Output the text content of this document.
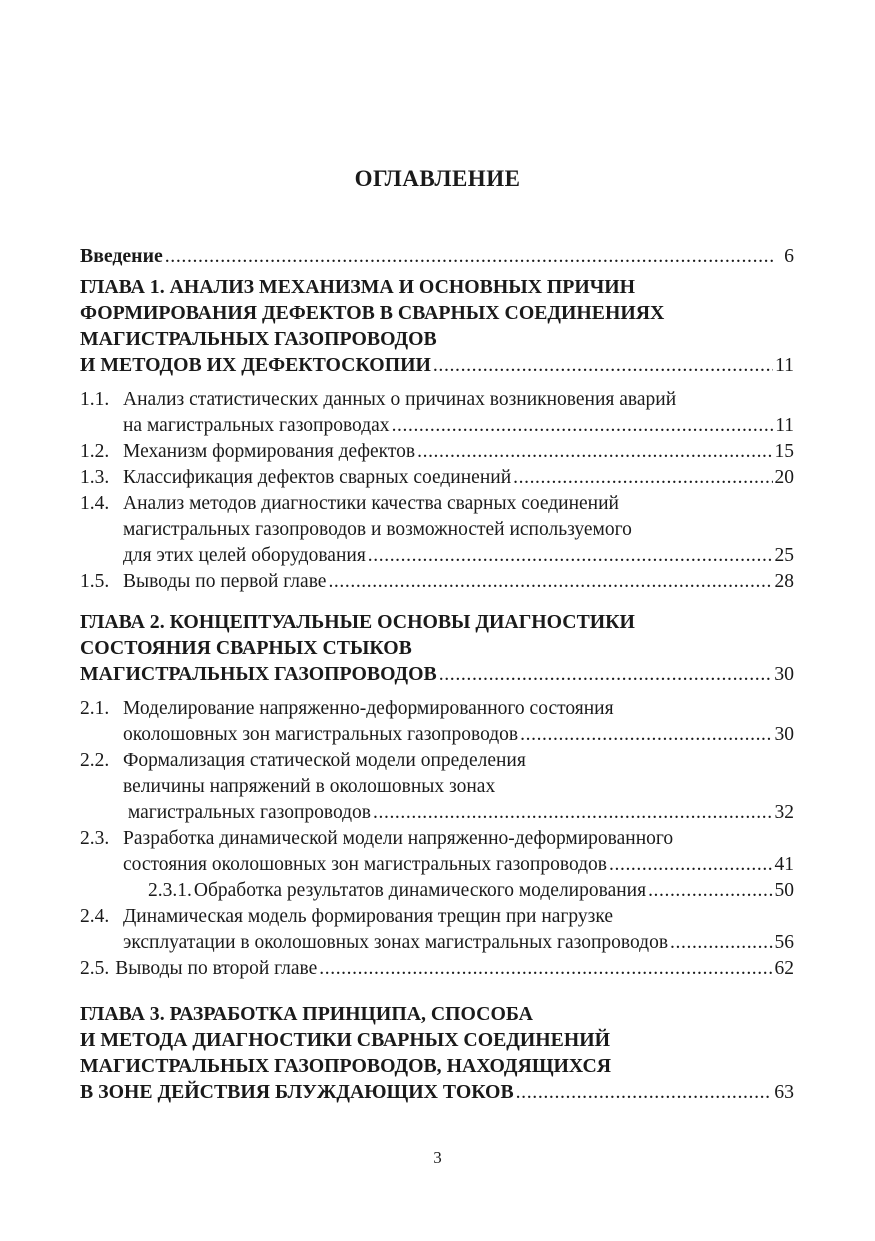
ОГЛАВЛЕНИЕ
Введение .....	6
ГЛАВА 1. АНАЛИЗ МЕХАНИЗМА И ОСНОВНЫХ ПРИЧИН
ФОРМИРОВАНИЯ ДЕФЕКТОВ В СВАРНЫХ СОЕДИНЕНИЯХ
МАГИСТРАЛЬНЫХ ГАЗОПРОВОДОВ
И МЕТОДОВ ИХ ДЕФЕКТОСКОПИИ .....	11
1.1. Анализ статистических данных о причинах возникновения аварий
на магистральных газопроводах .....	11
1.2. Механизм формирования дефектов .....	15
1.3. Классификация дефектов сварных соединений .....	20
1.4. Анализ методов диагностики качества сварных соединений
магистральных газопроводов и возможностей используемого
для этих целей оборудования .....	25
1.5. Выводы по первой главе .....	28
ГЛАВА 2. КОНЦЕПТУАЛЬНЫЕ ОСНОВЫ ДИАГНОСТИКИ
СОСТОЯНИЯ СВАРНЫХ СТЫКОВ
МАГИСТРАЛЬНЫХ ГАЗОПРОВОДОВ .....	30
2.1. Моделирование напряженно-деформированного состояния
околошовных зон магистральных газопроводов .....	30
2.2. Формализация статической модели определения
величины напряжений в околошовных зонах
магистральных газопроводов .....	32
2.3. Разработка динамической модели напряженно-деформированного
состояния околошовных зон магистральных газопроводов .....	41
2.3.1. Обработка результатов динамического моделирования .....	50
2.4. Динамическая модель формирования трещин при нагрузке
эксплуатации в околошовных зонах магистральных газопроводов .....	56
2.5. Выводы по второй главе .....	62
ГЛАВА 3. РАЗРАБОТКА ПРИНЦИПА, СПОСОБА
И МЕТОДА ДИАГНОСТИКИ СВАРНЫХ СОЕДИНЕНИЙ
МАГИСТРАЛЬНЫХ ГАЗОПРОВОДОВ, НАХОДЯЩИХСЯ
В ЗОНЕ ДЕЙСТВИЯ БЛУЖДАЮЩИХ ТОКОВ .....	63
3
